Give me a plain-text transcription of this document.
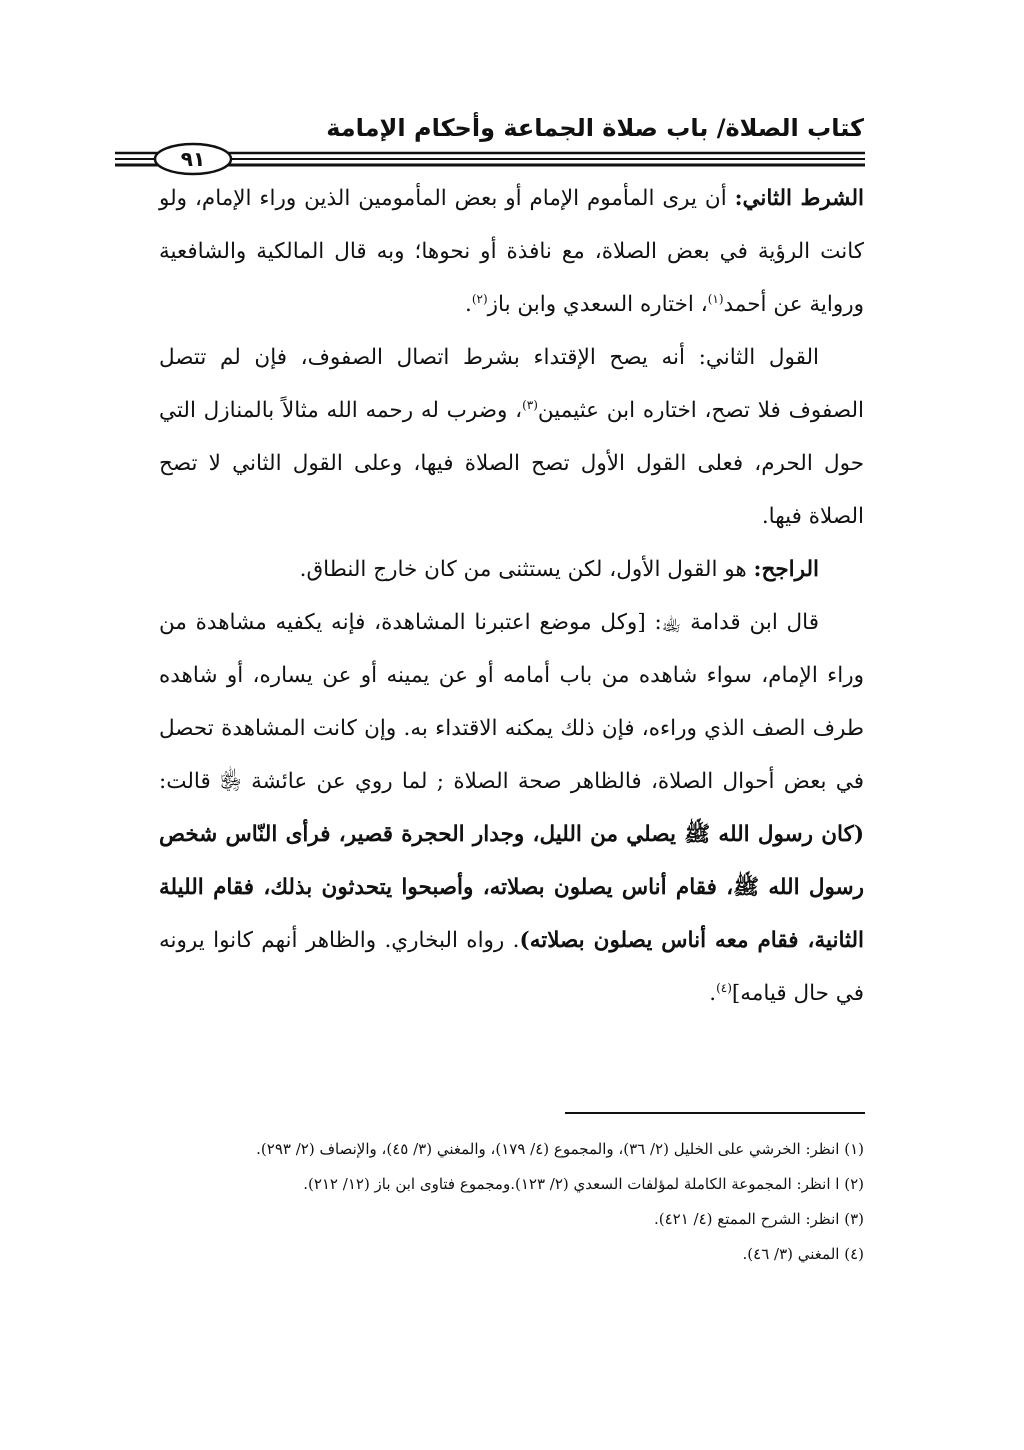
كتاب الصلاة/ باب صلاة الجماعة وأحكام الإمامة
٩١

الشرط الثاني: أن يرى المأموم الإمام أو بعض المأمومين الذين وراء الإمام، ولو كانت الرؤية في بعض الصلاة، مع نافذة أو نحوها؛ وبه قال المالكية والشافعية ورواية عن أحمد$^{(١)}$، اختاره السعدي وابن باز$^{(٢)}$.

القول الثاني: أنه يصح الإقتداء بشرط اتصال الصفوف، فإن لم تتصل الصفوف فلا تصح، اختاره ابن عثيمين$^{(٣)}$، وضرب له رحمه الله مثالاً بالمنازل التي حول الحرم، فعلى القول الأول تصح الصلاة فيها، وعلى القول الثاني لا تصح الصلاة فيها.

الراجح: هو القول الأول، لكن يستثنى من كان خارج النطاق.

قال ابن قدامة ﵀: [وكل موضع اعتبرنا المشاهدة، فإنه يكفيه مشاهدة من وراء الإمام، سواء شاهده من باب أمامه أو عن يمينه أو عن يساره، أو شاهده طرف الصف الذي وراءه، فإن ذلك يمكنه الاقتداء به. وإن كانت المشاهدة تحصل في بعض أحوال الصلاة، فالظاهر صحة الصلاة ; لما روي عن عائشة ﵂ قالت: (كان رسول الله ﷺ يصلي من الليل، وجدار الحجرة قصير، فرأى النّاس شخص رسول الله ﷺ، فقام أناس يصلون بصلاته، وأصبحوا يتحدثون بذلك، فقام الليلة الثانية، فقام معه أناس يصلون بصلاته). رواه البخاري. والظاهر أنهم كانوا يرونه في حال قيامه]$^{(٤)}$.

(١) انظر: الخرشي على الخليل (٢/ ٣٦)، والمجموع (٤/ ١٧٩)، والمغني (٣/ ٤٥)، والإنصاف (٢/ ٢٩٣).

(٢) ا انظر: المجموعة الكاملة لمؤلفات السعدي (٢/ ١٢٣).ومجموع فتاوى ابن باز (١٢/ ٢١٢).

(٣) انظر: الشرح الممتع (٤/ ٤٢١).

(٤) المغني (٣/ ٤٦).
